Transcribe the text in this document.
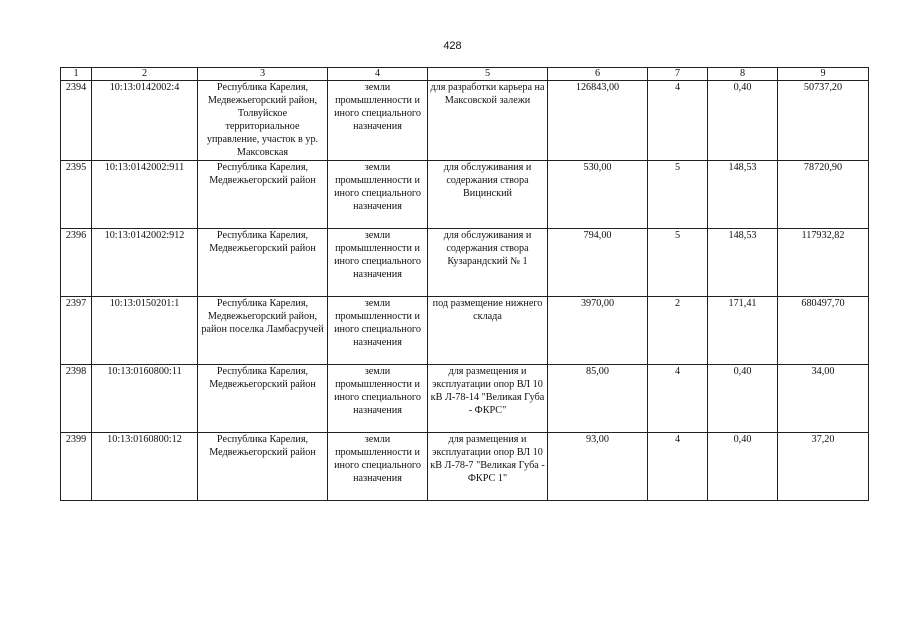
428
1	2	3	4	5	6	7	8	9
2394	10:13:0142002:4	Республика Карелия, Медвежьегорский район, Толвуйское территориальное управление, участок в ур. Максовская	земли промышленности и иного специального назначения	для разработки карьера на Максовской залежи	126843,00	4	0,40	50737,20
2395	10:13:0142002:911	Республика Карелия, Медвежьегорский район	земли промышленности и иного специального назначения	для обслуживания и содержания створа Вицинский	530,00	5	148,53	78720,90
2396	10:13:0142002:912	Республика Карелия, Медвежьегорский район	земли промышленности и иного специального назначения	для обслуживания и содержания створа Кузарандский № 1	794,00	5	148,53	117932,82
2397	10:13:0150201:1	Республика Карелия, Медвежьегорский район, район поселка Ламбасручей	земли промышленности и иного специального назначения	под размещение нижнего склада	3970,00	2	171,41	680497,70
2398	10:13:0160800:11	Республика Карелия, Медвежьегорский район	земли промышленности и иного специального назначения	для размещения и эксплуатации опор ВЛ 10 кВ Л-78-14 "Великая Губа - ФКРС"	85,00	4	0,40	34,00
2399	10:13:0160800:12	Республика Карелия, Медвежьегорский район	земли промышленности и иного специального назначения	для размещения и эксплуатации опор ВЛ 10 кВ Л-78-7 "Великая Губа - ФКРС 1"	93,00	4	0,40	37,20
